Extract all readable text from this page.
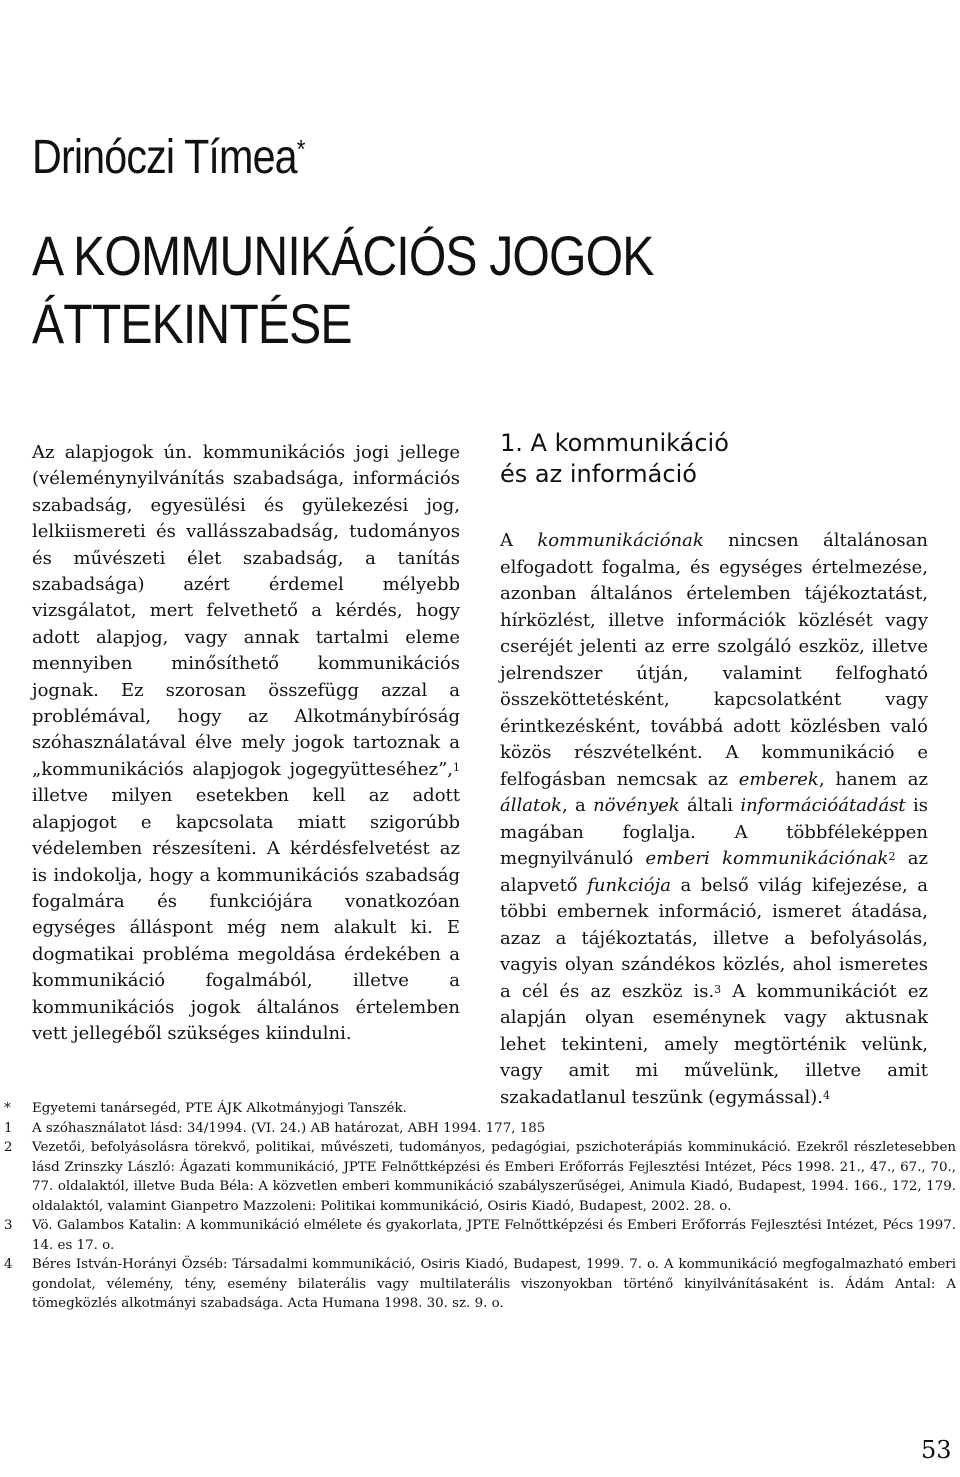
Drinóczi Tímea*
A KOMMUNIKÁCIÓS JOGOK
ÁTTEKINTÉSE

Az alapjogok ún. kommunikációs jogi jellege (véleménynyilvánítás szabadsága, információs szabadság, egyesülési és gyülekezési jog, lelkiismereti és vallásszabadság, tudományos és művészeti élet szabadság, a tanítás szabadsága) azért érdemel mélyebb vizsgálatot, mert felvethető a kérdés, hogy adott alapjog, vagy annak tartalmi eleme mennyiben minősíthető kommunikációs jognak. Ez szorosan összefügg azzal a problémával, hogy az Alkotmánybíróság szóhasználatával élve mely jogok tartoznak a „kommunikációs alapjogok jogegyütteséhez”,$^1$ illetve milyen esetekben kell az adott alapjogot e kapcsolata miatt szigorúbb védelemben részesíteni. A kérdésfelvetést az is indokolja, hogy a kommunikációs szabadság fogalmára és funkciójára vonatkozóan egységes álláspont még nem alakult ki. E dogmatikai probléma megoldása érdekében a kommunikáció fogalmából, illetve a kommunikációs jogok általános értelemben vett jellegéből szükséges kiindulni.

1. A kommunikáció
és az információ

A kommunikációnak nincsen általánosan elfogadott fogalma, és egységes értelmezése, azonban általános értelemben tájékoztatást, hírközlést, illetve információk közlését vagy cseréjét jelenti az erre szolgáló eszköz, illetve jelrendszer útján, valamint felfogható összeköttetésként, kapcsolatként vagy érintkezésként, továbbá adott közlésben való közös részvételként. A kommunikáció e felfogásban nemcsak az emberek, hanem az állatok, a növények általi információátadást is magában foglalja. A többféleképpen megnyilvánuló emberi kommunikációnak$^2$ az alapvető funkciója a belső világ kifejezése, a többi embernek információ, ismeret átadása, azaz a tájékoztatás, illetve a befolyásolás, vagyis olyan szándékos közlés, ahol ismeretes a cél és az eszköz is.$^3$ A kommunikációt ez alapján olyan eseménynek vagy aktusnak lehet tekinteni, amely megtörténik velünk, vagy amit mi művelünk, illetve amit szakadatlanul teszünk (egymással).$^4$

*	Egyetemi tanársegéd, PTE ÁJK Alkotmányjogi Tanszék.
1	A szóhasználatot lásd: 34/1994. (VI. 24.) AB határozat, ABH 1994. 177, 185
2	Vezetői, befolyásolásra törekvő, politikai, művészeti, tudományos, pedagógiai, pszichoterápiás komminukáció. Ezekről részletesebben lásd Zrinszky László: Ágazati kommunikáció, JPTE Felnőttképzési és Emberi Erőforrás Fejlesztési Intézet, Pécs 1998. 21., 47., 67., 70., 77. oldalaktól, illetve Buda Béla: A közvetlen emberi kommunikáció szabályszerűségei, Animula Kiadó, Budapest, 1994. 166., 172, 179. oldalaktól, valamint Gianpetro Mazzoleni: Politikai kommunikáció, Osiris Kiadó, Budapest, 2002. 28. o.
3	Vö. Galambos Katalin: A kommunikáció elmélete és gyakorlata, JPTE Felnőttképzési és Emberi Erőforrás Fejlesztési Intézet, Pécs 1997. 14. es 17. o.
4	Béres István-Horányi Özséb: Társadalmi kommunikáció, Osiris Kiadó, Budapest, 1999. 7. o. A kommunikáció megfogalmazható emberi gondolat, vélemény, tény, esemény bilaterális vagy multilaterális viszonyokban történő kinyilvánításaként is. Ádám Antal: A tömegközlés alkotmányi szabadsága. Acta Humana 1998. 30. sz. 9. o.
53
